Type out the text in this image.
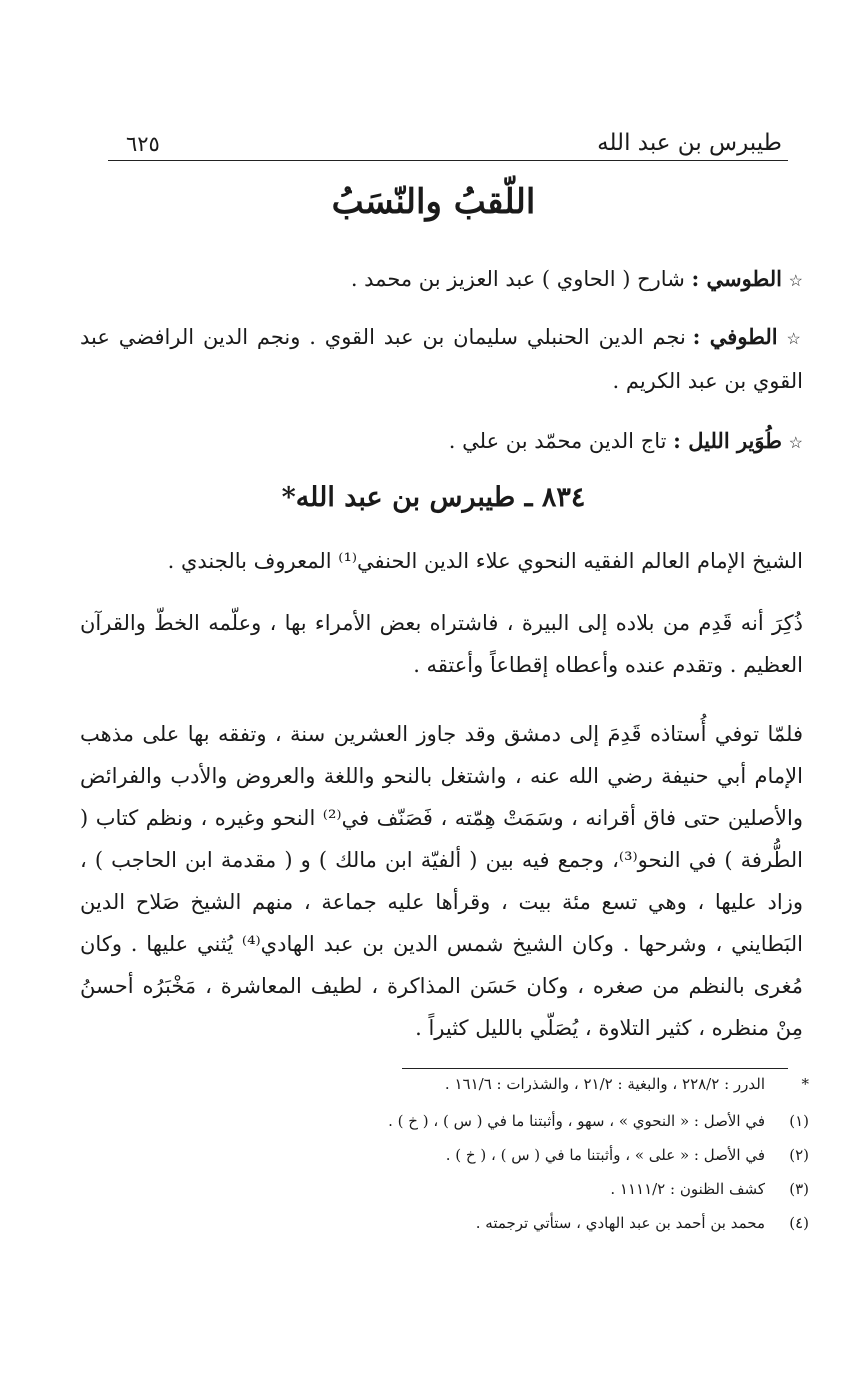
طيبرس بن عبد الله
٦٢٥
اللّقبُ والنّسَبُ
☆ الطوسي : شارح ( الحاوي ) عبد العزيز بن محمد .
☆ الطوفي : نجم الدين الحنبلي سليمان بن عبد القوي . ونجم الدين الرافضي عبد القوي بن عبد الكريم .
☆ طُوَير الليل : تاج الدين محمّد بن علي .
٨٣٤ ـ طيبرس بن عبد الله*
الشيخ الإمام العالم الفقيه النحوي علاء الدين الحنفي⁽¹⁾ المعروف بالجندي .
ذُكِرَ أنه قَدِم من بلاده إلى البيرة ، فاشتراه بعض الأمراء بها ، وعلّمه الخطّ والقرآن العظيم . وتقدم عنده وأعطاه إقطاعاً وأعتقه .
فلمّا توفي أُستاذه قَدِمَ إلى دمشق وقد جاوز العشرين سنة ، وتفقه بها على مذهب الإمام أبي حنيفة رضي الله عنه ، واشتغل بالنحو واللغة والعروض والأدب والفرائض والأصلين حتى فاق أقرانه ، وسَمَتْ هِمّته ، فَصَنّف في⁽²⁾ النحو وغيره ، ونظم كتاب ( الطُّرفة ) في النحو⁽³⁾، وجمع فيه بين ( ألفيّة ابن مالك ) و ( مقدمة ابن الحاجب ) ، وزاد عليها ، وهي تسع مئة بيت ، وقرأها عليه جماعة ، منهم الشيخ صَلاح الدين البَطايني ، وشرحها . وكان الشيخ شمس الدين بن عبد الهادي⁽⁴⁾ يُثني عليها . وكان مُغرى بالنظم من صغره ، وكان حَسَن المذاكرة ، لطيف المعاشرة ، مَخْبَرُه أحسنُ مِنْ منظره ، كثير التلاوة ، يُصَلّي بالليل كثيراً .
*
الدرر : ٢٢٨/٢ ، والبغية : ٢١/٢ ، والشذرات : ١٦١/٦ .
(١)
في الأصل : « النحوي » ، سهو ، وأثبتنا ما في ( س ) ، ( خ ) .
(٢)
في الأصل : « على » ، وأثبتنا ما في ( س ) ، ( خ ) .
(٣)
كشف الظنون : ١١١١/٢ .
(٤)
محمد بن أحمد بن عبد الهادي ، ستأتي ترجمته .
